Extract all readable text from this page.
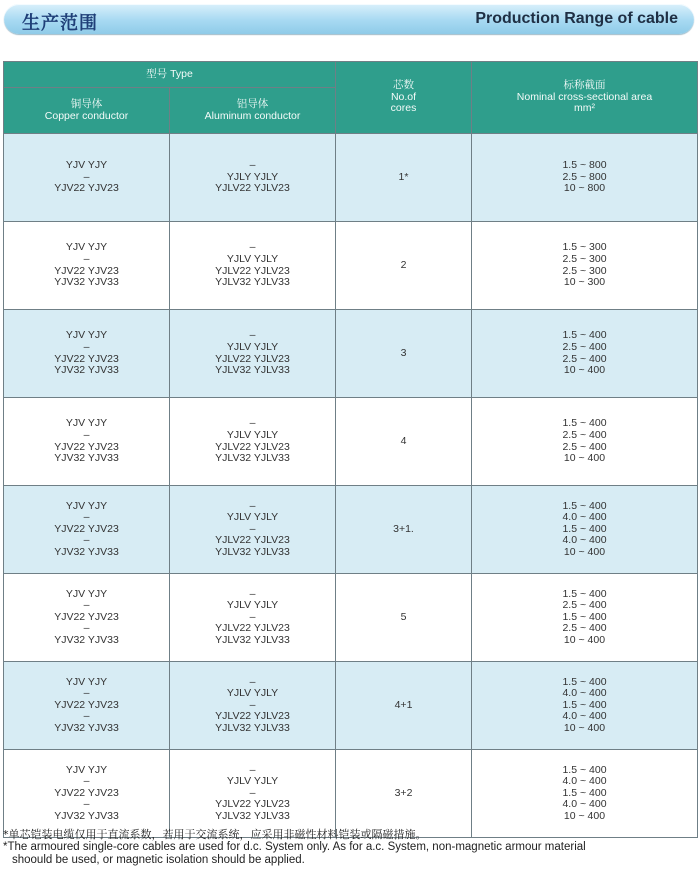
生产范围	Production Range of cable
型号 Type		芯数
No.of
cores	标称截面
Nominal cross-sectional area
mm²

铜导体
Copper conductor	铝导体
Aluminum conductor		

YJV YJY
–
YJV22 YJV23	–
YJLY YJLY
YJLV22 YJLV23	1*	1.5 ~ 800
2.5 ~ 800
10 ~ 800

YJV YJY
–
YJV22 YJV23
YJV32 YJV33	–
YJLV YJLY
YJLV22 YJLV23
YJLV32 YJLV33	2	1.5 ~ 300
2.5 ~ 300
2.5 ~ 300
10 ~ 300

YJV YJY
–
YJV22 YJV23
YJV32 YJV33	–
YJLV YJLY
YJLV22 YJLV23
YJLV32 YJLV33	3	1.5 ~ 400
2.5 ~ 400
2.5 ~ 400
10 ~ 400

YJV YJY
–
YJV22 YJV23
YJV32 YJV33	–
YJLV YJLY
YJLV22 YJLV23
YJLV32 YJLV33	4	1.5 ~ 400
2.5 ~ 400
2.5 ~ 400
10 ~ 400

YJV YJY
–
YJV22 YJV23
–
YJV32 YJV33	–
YJLV YJLY
–
YJLV22 YJLV23
YJLV32 YJLV33	3+1.	1.5 ~ 400
4.0 ~ 400
1.5 ~ 400
4.0 ~ 400
10 ~ 400

YJV YJY
–
YJV22 YJV23
–
YJV32 YJV33	–
YJLV YJLY
–
YJLV22 YJLV23
YJLV32 YJLV33	5	1.5 ~ 400
2.5 ~ 400
1.5 ~ 400
2.5 ~ 400
10 ~ 400

YJV YJY
–
YJV22 YJV23
–
YJV32 YJV33	–
YJLV YJLY
–
YJLV22 YJLV23
YJLV32 YJLV33	4+1	1.5 ~ 400
4.0 ~ 400
1.5 ~ 400
4.0 ~ 400
10 ~ 400

YJV YJY
–
YJV22 YJV23
–
YJV32 YJV33	–
YJLV YJLY
–
YJLV22 YJLV23
YJLV32 YJLV33	3+2	1.5 ~ 400
4.0 ~ 400
1.5 ~ 400
4.0 ~ 400
10 ~ 400
*单芯铠装电缆仅用于直流系数，若用于交流系统，应采用非磁性材料铠装或隔磁措施。
*The armoured single-core cables are used for d.c. System only. As for a.c. System, non-magnetic armour material
shoould be used, or magnetic isolation should be applied.
